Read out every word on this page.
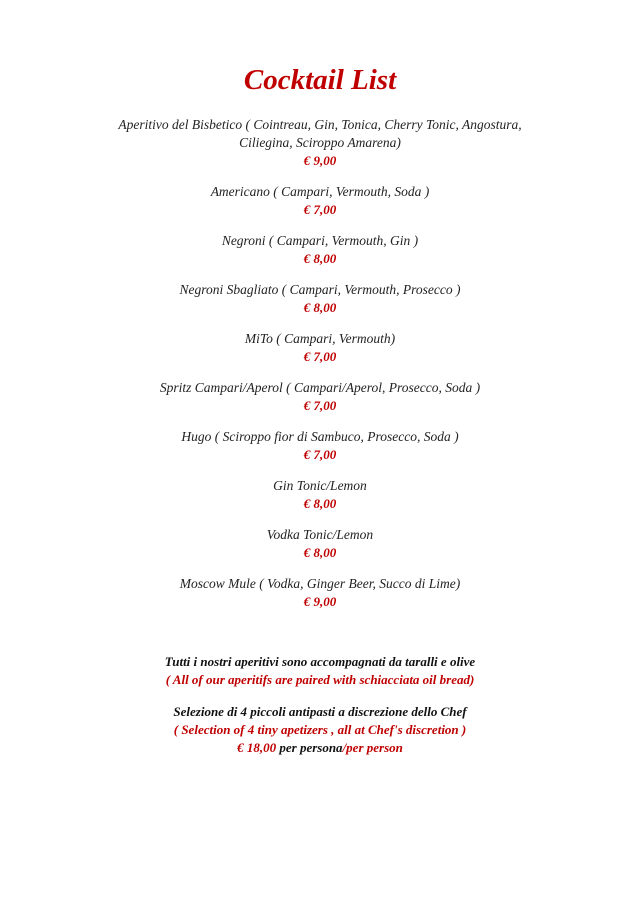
Cocktail List
Aperitivo del Bisbetico ( Cointreau, Gin, Tonica, Cherry Tonic, Angostura,
Ciliegina, Sciroppo Amarena)
€ 9,00
Americano ( Campari, Vermouth, Soda )
€ 7,00
Negroni ( Campari, Vermouth, Gin )
€ 8,00
Negroni Sbagliato ( Campari, Vermouth, Prosecco )
€ 8,00
MiTo ( Campari, Vermouth)
€ 7,00
Spritz Campari/Aperol ( Campari/Aperol, Prosecco, Soda )
€ 7,00
Hugo ( Sciroppo fior di Sambuco, Prosecco, Soda )
€ 7,00
Gin Tonic/Lemon
€ 8,00
Vodka Tonic/Lemon
€ 8,00
Moscow Mule ( Vodka, Ginger Beer, Succo di Lime)
€ 9,00
Tutti i nostri aperitivi sono accompagnati da taralli e olive
( All of our aperitifs are paired with schiacciata oil bread)
Selezione di 4 piccoli antipasti a discrezione dello Chef
( Selection of 4 tiny apetizers , all at Chef's discretion )
€ 18,00 per persona/per person
